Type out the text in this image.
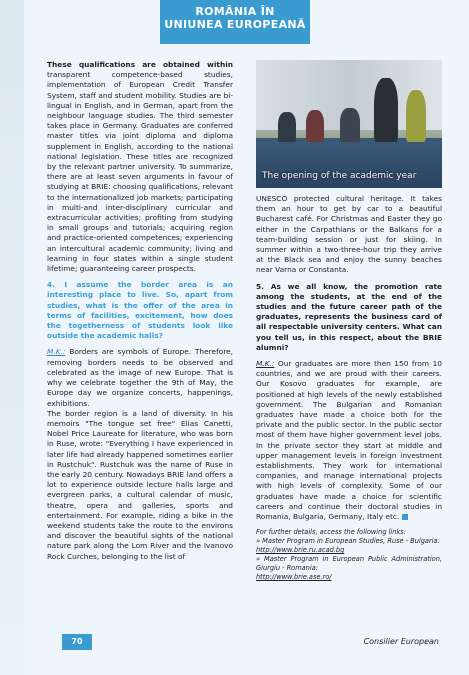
ROMÂNIA ÎN
UNIUNEA EUROPEANĂ

These qualifications are obtained within transparent competence-based studies, implementation of European Credit Transfer System, staff and student mobility. Studies are bi-lingual in English, and in German, apart from the neighbour language studies. The third semester takes place in Germany. Graduates are conferred master titles via joint diploma and diploma supplement in English, according to the national national legislation. These titles are recognized by the relevant partner university. To summarize, there are at least seven arguments in favour of studying at BRIE: choosing qualifications, relevant to the internationalized job markets; participating in multi-and inter-disciplinary curricular and extracurricular activities; profiting from studying in small groups and tutorials; acquiring region and practice-oriented competences; experiencing an intercultural academic community; living and learning in four states within a single student lifetime; guaranteeing career prospects.

4. I assume the border area is an interesting place to live. So, apart from studies, what is the offer of the area in terms of facilities, excitement, how does the togetherness of students look like outside the academic halls?

M.K.: Borders are symbols of Europe. Therefore, removing borders needs to be observed and celebrated as the image of new Europe. That is why we celebrate together the 9th of May, the Europe day we organize concerts, happenings, exhibitions.

The border region is a land of diversity. In his memoirs "The tongue set free" Elias Canetti, Nobel Price Laureate for literature, who was born in Ruse, wrote: "Everything I have experienced in later life had already happened sometimes earlier in Rustchuk". Rustchuk was the name of Ruse in the early 20 century. Nowadays BRIE land offers a lot to experience outside lecture halls large and evergreen parks, a cultural calendar of music, theatre, opera and galleries, sports and entertainment. For example, riding a bike in the weekend students take the route to the environs and discover the beautiful sights of the national nature park along the Lom River and the Ivanovo Rock Curches, belonging to the list of

The opening of the academic year

UNESCO protected cultural heritage. It takes them an hour to get by car to a beautiful Bucharest café. For Christmas and Easter they go either in the Carpathians or the Balkans for a team-building session or just for skiing. In summer within a two-three-hour trip they arrive at the Black sea and enjoy the sunny beaches near Varna or Constanta.

5. As we all know, the promotion rate among the students, at the end of the studies and the future career path of the graduates, represents the business card of all respectable university centers. What can you tell us, in this respect, about the BRIE alumni?

M.K.: Our graduates are more then 150 from 10 countries, and we are proud with their careers. Our Kosovo graduates for example, are positioned at high levels of the newly established government. The Bulgarian and Romanian graduates have made a choice both for the private and the public sector. In the public sector most of them have higher government level jobs. In the private sector they start at middle and upper management levels in foreign investment establishments. They work for international companies, and manage international projects with high levels of complexity. Some of our graduates have made a choice for scientific careers and continue their doctoral studies in Romania, Bulgaria, Germany, Italy etc.

For further details, access the following links:
» Master Program in European Studies, Ruse - Bulgaria:
http://www.brie.ru.acad.bg
» Master Program in European Public Administration, Giurgiu - Romania:
http://www.brie.ase.ro/
70	Consilier European
